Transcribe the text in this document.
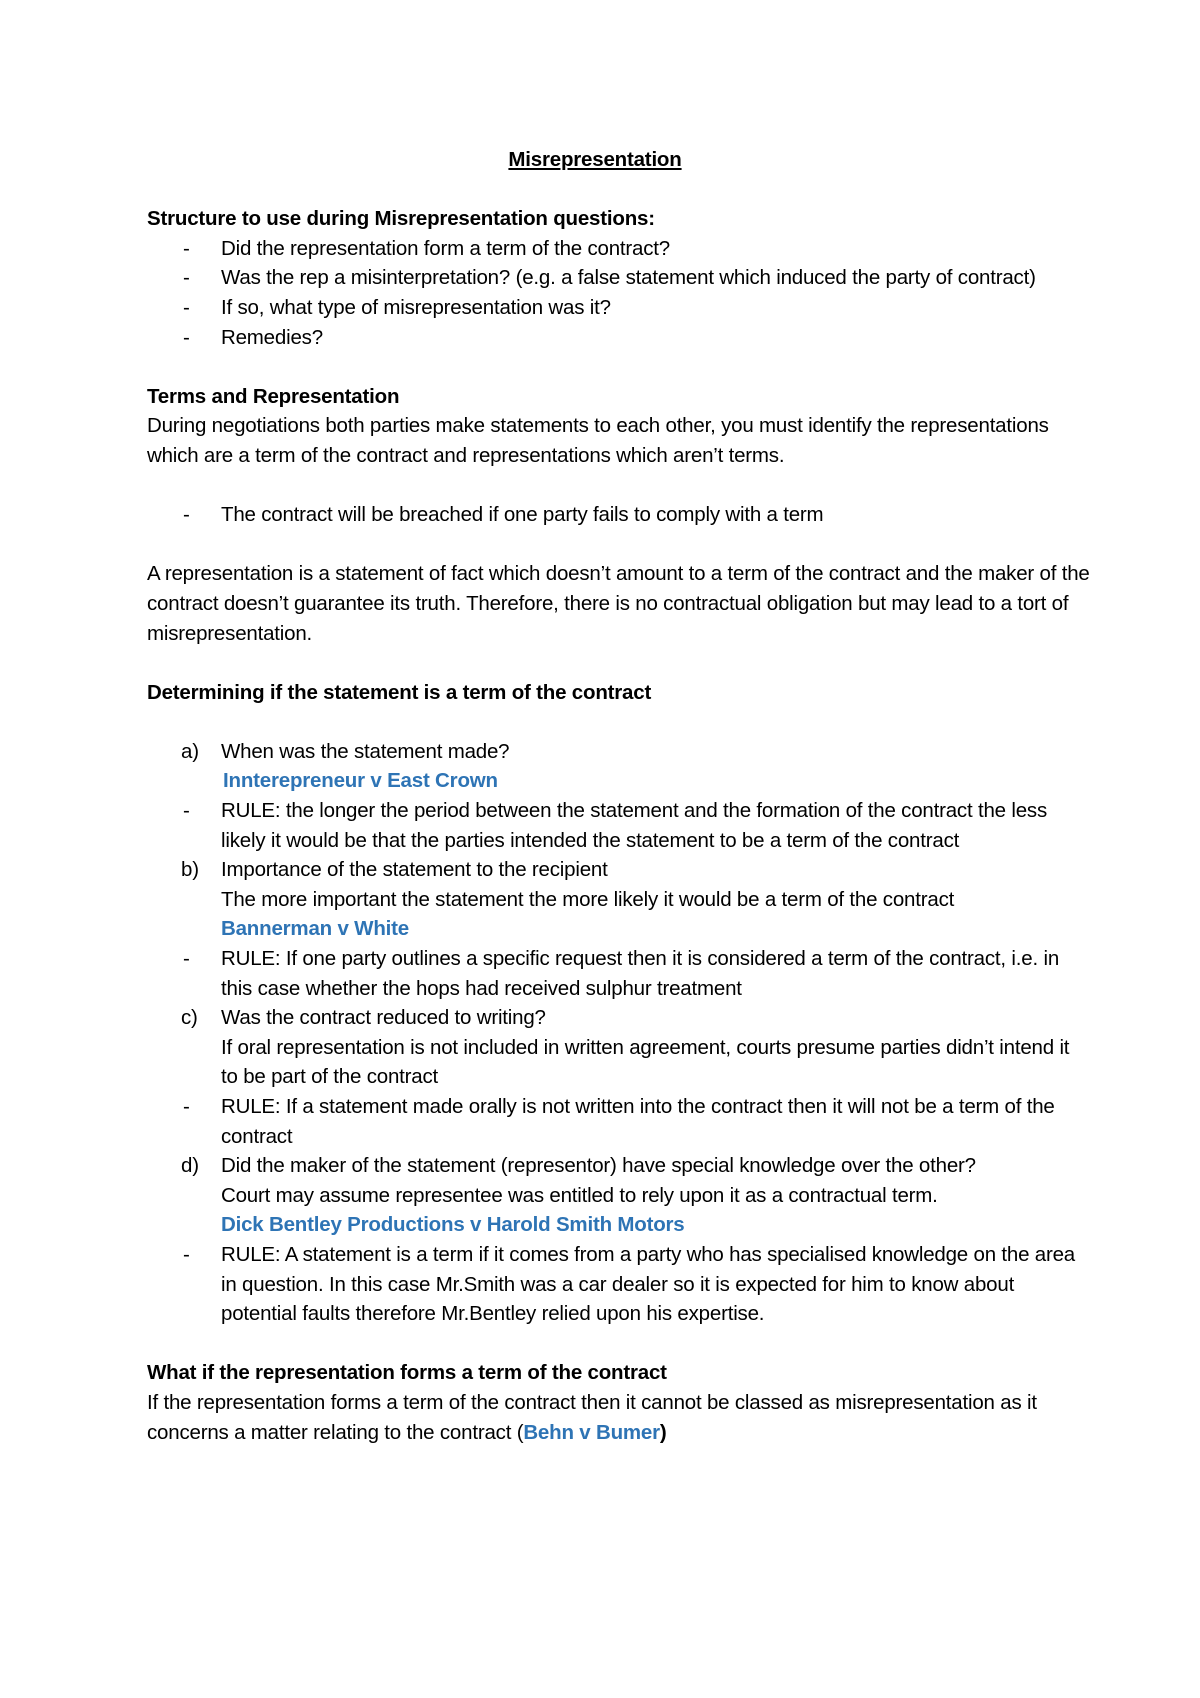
Misrepresentation
Structure to use during Misrepresentation questions:
- Did the representation form a term of the contract?
- Was the rep a misinterpretation? (e.g. a false statement which induced the party of contract)
- If so, what type of misrepresentation was it?
- Remedies?
Terms and Representation
During negotiations both parties make statements to each other, you must identify the representations which are a term of the contract and representations which aren’t terms.
- The contract will be breached if one party fails to comply with a term
A representation is a statement of fact which doesn’t amount to a term of the contract and the maker of the contract doesn’t guarantee its truth. Therefore, there is no contractual obligation but may lead to a tort of misrepresentation.
Determining if the statement is a term of the contract
a) When was the statement made?
Innterepreneur v East Crown
- RULE: the longer the period between the statement and the formation of the contract the less likely it would be that the parties intended the statement to be a term of the contract
b) Importance of the statement to the recipient
The more important the statement the more likely it would be a term of the contract
Bannerman v White
- RULE: If one party outlines a specific request then it is considered a term of the contract, i.e. in this case whether the hops had received sulphur treatment
c) Was the contract reduced to writing?
If oral representation is not included in written agreement, courts presume parties didn’t intend it to be part of the contract
- RULE: If a statement made orally is not written into the contract then it will not be a term of the contract
d) Did the maker of the statement (representor) have special knowledge over the other?
Court may assume representee was entitled to rely upon it as a contractual term.
Dick Bentley Productions v Harold Smith Motors
- RULE: A statement is a term if it comes from a party who has specialised knowledge on the area in question. In this case Mr.Smith was a car dealer so it is expected for him to know about potential faults therefore Mr.Bentley relied upon his expertise.
What if the representation forms a term of the contract
If the representation forms a term of the contract then it cannot be classed as misrepresentation as it concerns a matter relating to the contract (Behn v Bumer)
